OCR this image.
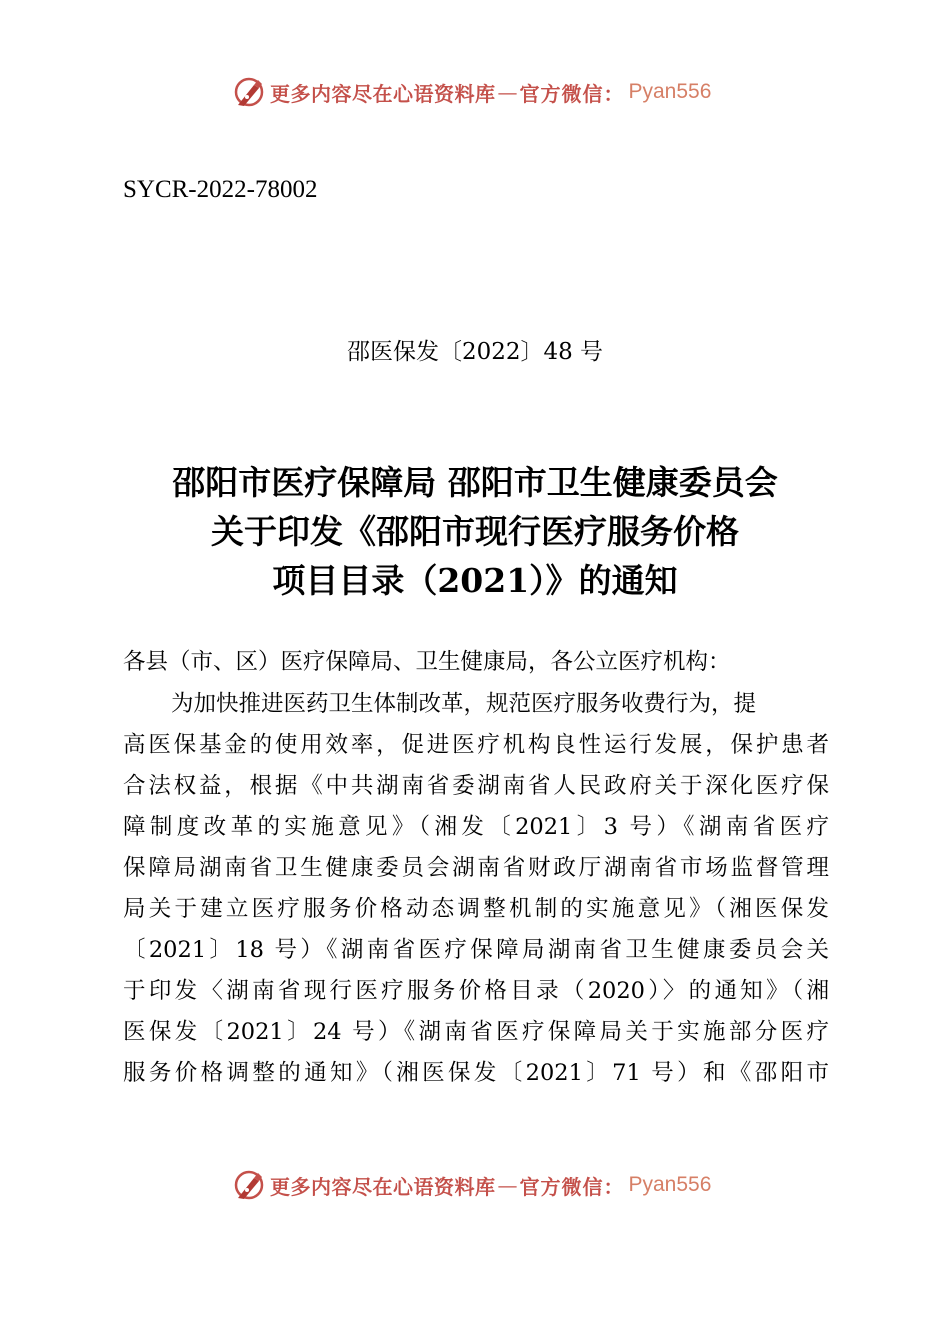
更多内容尽在心语资料库 — 官方微信： Pyan556
SYCR-2022-78002
邵医保发〔2022〕48 号
邵阳市医疗保障局 邵阳市卫生健康委员会
关于印发《邵阳市现行医疗服务价格
项目目录（2021）》的通知
各县（市、区）医疗保障局、卫生健康局，各公立医疗机构：
为加快推进医药卫生体制改革，规范医疗服务收费行为，提
高医保基金的使用效率，促进医疗机构良性运行发展，保护患者
合法权益，根据《中共湖南省委湖南省人民政府关于深化医疗保
障制度改革的实施意见》（湘发〔2021〕3 号）《湖南省医疗
保障局湖南省卫生健康委员会湖南省财政厅湖南省市场监督管理
局关于建立医疗服务价格动态调整机制的实施意见》（湘医保发
〔2021〕18 号）《湖南省医疗保障局湖南省卫生健康委员会关
于印发〈湖南省现行医疗服务价格目录（2020）〉的通知》（湘
医保发〔2021〕24 号）《湖南省医疗保障局关于实施部分医疗
服务价格调整的通知》（湘医保发〔2021〕71 号）和《邵阳市
更多内容尽在心语资料库 — 官方微信： Pyan556
